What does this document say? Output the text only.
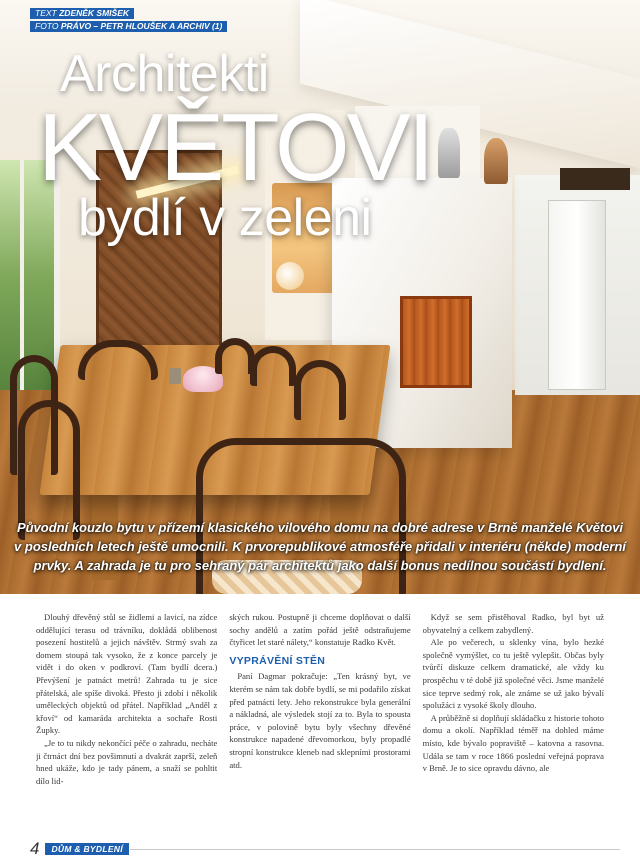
TEXT ZDENĚK SMIŠEK
FOTO PRÁVO – PETR HLOUŠEK A ARCHIV (1)
Architekti
KVĚTOVI
bydlí v zeleni
Původní kouzlo bytu v přízemí klasického vilového domu na dobré adrese v Brně manželé Květovi v posledních letech ještě umocnili. K prvorepublikové atmosféře přidali v interiéru (někde) moderní prvky. A zahrada je tu pro sehraný pár architektů jako další bonus nedílnou součástí bydlení.

Dlouhý dřevěný stůl se židlemi a lavicí, na zídce oddělující terasu od trávníku, doklådá oblibenost posezení hostitelů a jejich návštěv. Strmý svah za domem stoupá tak vysoko, že z konce parcely je vidět i do oken v podkroví. (Tam bydlí dcera.) Převýšení je patnáct metrů! Zahrada tu je sice přátelská, ale spíše divoká. Přesto ji zdobí i několik uměleckých objektů od přátel. Například „Anděl z křoví“ od kamaráda architekta a sochaře Rosti Župky.

„Je to tu nikdy nekončící péče o zahradu, necháte ji čtrnáct dní bez povšimnutí a dvakrát zaprší, zeleň hned ukáže, kdo je tady pánem, a snaží se pohltit dílo lid-

ských rukou. Postupně ji chceme doplňovat o další sochy andělů a zatím pořád ještě odstraňujeme čtyřicet let staré nálety,“ konstatuje Radko Květ.

VYPRÁVĚNÍ STĚN

Paní Dagmar pokračuje: „Ten krásný byt, ve kterém se nám tak dobře bydlí, se mi podařilo získat před patnácti lety. Jeho rekonstrukce byla generální a nákladná, ale výsledek stojí za to. Byla to spousta práce, v polovině bytu byly všechny dřevěné konstrukce napadené dřevomorkou, byly propadlé stropní konstrukce kleneb nad sklepními prostorami atd.

Když se sem přistěhoval Radko, byl byt už obyvatelný a celkem zabydlený.

Ale po večerech, u sklenky vína, bylo hezké společně vymýšlet, co tu ještě vylepšit. Občas byly tvůrčí diskuze celkem dramatické, ale vždy ku prospěchu v té době již společné věci. Jsme manželé sice teprve sedmý rok, ale známe se už jako bývalí spolužáci z vysoké školy dlouho.

A průběžně si doplňují skládačku z historie tohoto domu a okolí. Například téměř na dohled máme místo, kde bývalo popraviště – katovna a rasovna. Udála se tam v roce 1866 poslední veřejná poprava v Brně. Je to sice opravdu dávno, ale

4	DŮM & BYDLENÍ
